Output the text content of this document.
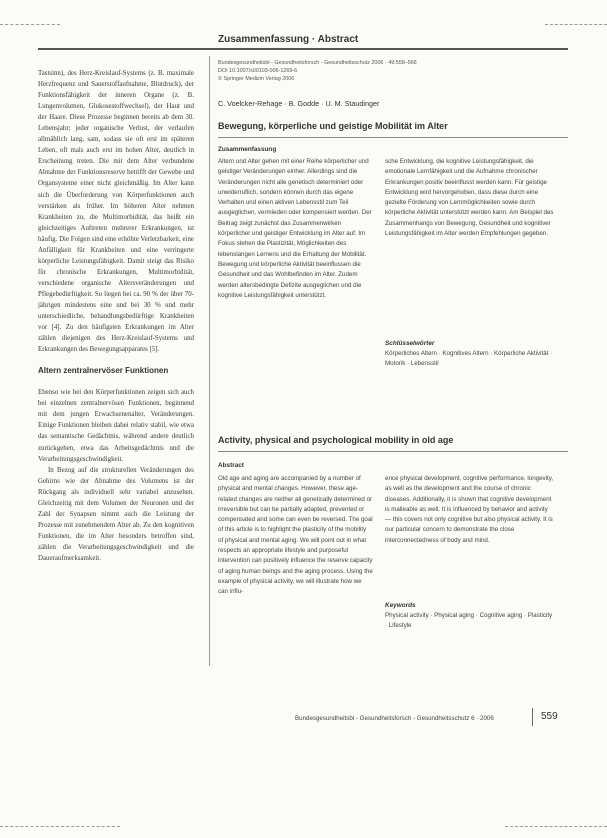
Zusammenfassung · Abstract

Tastsinn), des Herz-Kreislauf-Systems (z. B. maximale Herzfrequenz und Sauerstoffaufnahme, Blutdruck), der Funktionsfähigkeit der inneren Organe (z. B. Lungenvolumen, Glukosestoffwechsel), der Haut und der Haare. Diese Prozesse beginnen bereits ab dem 30. Lebensjahr; jeder organische Verlust, der verlaufen allmählich lang, sam, sodass sie oft erst im späteren Leben, oft mals auch erst im hohen Alter, deutlich in Erscheinung treten. Die mit dem Alter verbundene Abnahme der Funktionsreserve betrifft der Gewebe und Organsysteme einer nicht gleichmäßig. Im Alter kann sich die Überforderung von Körperfunktionen auch verstärken als früher. Im höheren Alter nehmen Krankheiten zu, die Multimorbidität, das heißt ein gleichzeitiges Auftreten mehrerer Erkrankungen, ist häufig. Die Folgen sind eine erhöhte Verletzbarkeit, eine Anfälligkeit für Krankheiten und eine verringerte körperliche Leistungsfähigkeit. Damit steigt das Risiko für chronische Erkrankungen, Multimorbidität, verschiedene organische Altersveränderungen und Pflegebedürftigkeit. So liegen bei ca. 90 % der über 70-jährigen mindestens eine und bei 30 % und mehr unterschiedliche, behandlungsbedürftige Krankheiten vor [4]. Zu den häufigsten Erkrankungen im Alter zählen diejenigen des Herz-Kreislauf-Systems und Erkrankungen des Bewegungsapparates [5].

Altern zentralnervöser Funktionen

Ebenso wie bei den Körperfunktionen zeigen sich auch bei einzelnen zentralnervösen Funktionen, beginnend mit dem jungen Erwachsenenalter, Veränderungen. Einige Funktionen bleiben dabei relativ stabil, wie etwa das semantische Gedächtnis, während andere deutlich zurückgehen, etwa das Arbeitsgedächtnis und die Verarbeitungsgeschwindigkeit.

In Bezug auf die strukturellen Veränderungen des Gehirns wie der Abnahme des Volumens ist der Rückgang als individuell sehr variabel anzusehen. Gleichzeitig mit dem Volumen der Neuronen und der Zahl der Synapsen nimmt auch die Leistung der Prozesse mit zunehmendem Alter ab. Zu den kognitiven Funktionen, die im Alter besonders betroffen sind, zählen die Verarbeitungsgeschwindigkeit und die Daueraufmerksamkeit.

Bundesgesundheitsbl - Gesundheitsforsch - Gesundheitsschutz 2006 · 49:558–566
DOI 10.1007/s00103-006-1269-6
© Springer Medizin Verlag 2006
C. Voelcker-Rehage · B. Godde · U. M. Staudinger
Bewegung, körperliche und geistige Mobilität im Alter
Zusammenfassung

Altern und Alter gehen mit einer Reihe körperlicher und geistiger Veränderungen einher. Allerdings sind die Veränderungen nicht alle genetisch determiniert oder unwiderruflich, sondern können durch das eigene Verhalten und einen aktiven Lebensstil zum Teil ausgeglichen, vermieden oder kompensiert werden. Der Beitrag zeigt zunächst das Zusammenwirken körperlicher und geistiger Entwicklung im Alter auf. Im Fokus stehen die Plastizität, Möglichkeiten des lebenslangen Lernens und die Erhaltung der Mobilität. Bewegung und körperliche Aktivität beeinflussen die Gesundheit und das Wohlbefinden im Alter. Zudem werden altersbedingte Defizite ausgeglichen und die kognitive Leistungsfähigkeit unterstützt.

sche Entwicklung, die kognitive Leistungsfähigkeit, die emotionale Lernfähigkeit und die Aufnahme chronischer Erkrankungen positiv beeinflusst werden kann. Für geistige Entwicklung wird hervorgehoben, dass diese durch eine gezielte Förderung von Lernmöglichkeiten sowie durch körperliche Aktivität unterstützt werden kann. Am Beispiel des Zusammenhangs von Bewegung, Gesundheit und kognitiver Leistungsfähigkeit im Alter werden Empfehlungen gegeben.

Schlüsselwörter
Körperliches Altern · Kognitives Altern · Körperliche Aktivität · Motorik · Lebensstil
Activity, physical and psychological mobility in old age
Abstract

Old age and aging are accompanied by a number of physical and mental changes. However, these age-related changes are neither all genetically determined or irreversible but can be partially adapted, prevented or compensated and some can even be reversed. The goal of this article is to highlight the plasticity of the mobility of physical and mental aging. We will point out in what respects an appropriate lifestyle and purposeful intervention can positively influence the reserve capacity of aging human beings and the aging process. Using the example of physical activity, we will illustrate how we can influ-

ence physical development, cognitive performance, longevity, as well as the development and the course of chronic diseases. Additionally, it is shown that cognitive development is malleable as well. It is influenced by behavior and activity — this covers not only cognitive but also physical activity. It is our particular concern to demonstrate the close interconnectedness of body and mind.

Keywords
Physical activity · Physical aging · Cognitive aging · Plasticity · Lifestyle
Bundesgesundheitsbl - Gesundheitsforsch - Gesundheitsschutz 6 · 2006	559
